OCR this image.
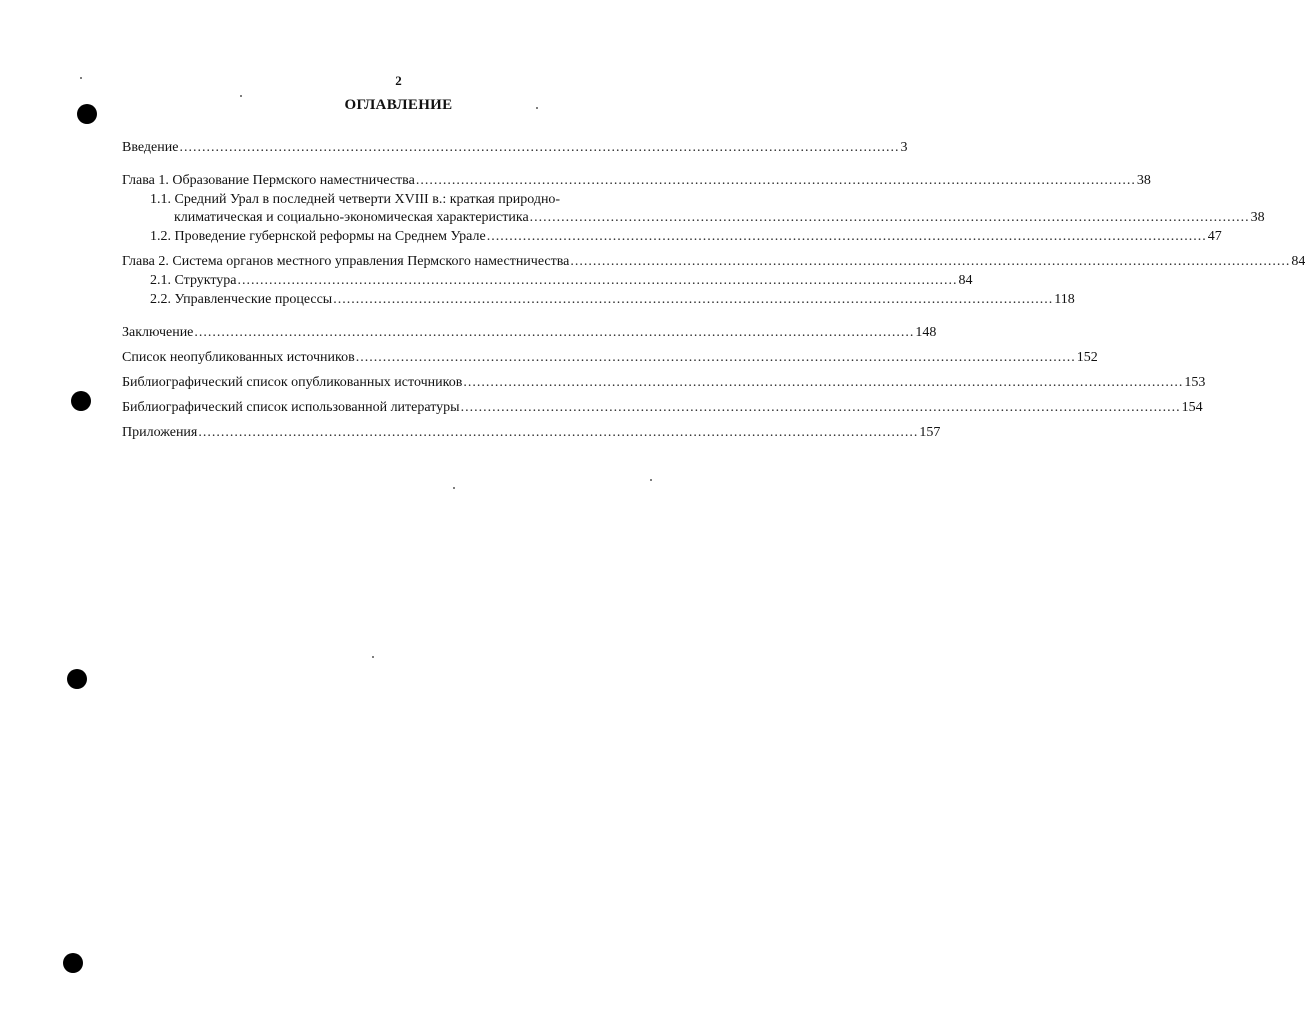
2
ОГЛАВЛЕНИЕ
Введение ................................................................................................................................................................ 3
Глава 1. Образование Пермского наместничества ................................................................................................................................................................ 38
1.1. Средний Урал в последней четверти XVIII в.: краткая природно-
климатическая и социально-экономическая характеристика ................................................................................................................................................................ 38
1.2. Проведение губернской реформы на Среднем Урале ................................................................................................................................................................ 47
Глава 2. Система органов местного управления Пермского наместничества ................................................................................................................................................................ 84
2.1. Структура ................................................................................................................................................................ 84
2.2. Управленческие процессы ................................................................................................................................................................ 118
Заключение ................................................................................................................................................................ 148
Список неопубликованных источников ................................................................................................................................................................ 152
Библиографический список опубликованных источников ................................................................................................................................................................ 153
Библиографический список использованной литературы ................................................................................................................................................................ 154
Приложения ................................................................................................................................................................ 157
